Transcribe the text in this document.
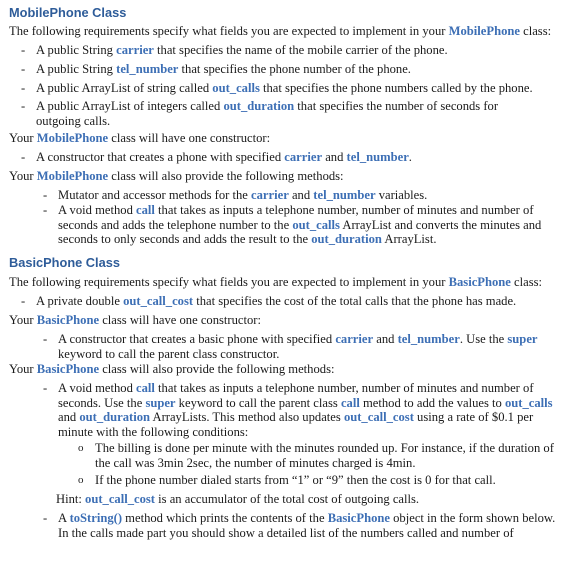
MobilePhone Class

The following requirements specify what fields you are expected to implement in your MobilePhone class:

- A public String carrier that specifies the name of the mobile carrier of the phone.

- A public String tel_number that specifies the phone number of the phone.

- A public ArrayList of string called out_calls that specifies the phone numbers called by the phone.

- A public ArrayList of integers called out_duration that specifies the number of seconds for outgoing calls.

Your MobilePhone class will have one constructor:

- A constructor that creates a phone with specified carrier and tel_number.

Your MobilePhone class will also provide the following methods:

- Mutator and accessor methods for the carrier and tel_number variables.

- A void method call that takes as inputs a telephone number, number of minutes and number of seconds and adds the telephone number to the out_calls ArrayList and converts the minutes and seconds to only seconds and adds the result to the out_duration ArrayList.

BasicPhone Class

The following requirements specify what fields you are expected to implement in your BasicPhone class:

- A private double out_call_cost that specifies the cost of the total calls that the phone has made.

Your BasicPhone class will have one constructor:

- A constructor that creates a basic phone with specified carrier and tel_number. Use the super keyword to call the parent class constructor.

Your BasicPhone class will also provide the following methods:

- A void method call that takes as inputs a telephone number, number of minutes and number of seconds. Use the super keyword to call the parent class call method to add the values to out_calls and out_duration ArrayLists. This method also updates out_call_cost using a rate of $0.1 per minute with the following conditions:

o The billing is done per minute with the minutes rounded up. For instance, if the duration of the call was 3min 2sec, the number of minutes charged is 4min.

o If the phone number dialed starts from “1” or “9” then the cost is 0 for that call.

Hint: out_call_cost is an accumulator of the total cost of outgoing calls.

- A toString() method which prints the contents of the BasicPhone object in the form shown below. In the calls made part you should show a detailed list of the numbers called and number of
